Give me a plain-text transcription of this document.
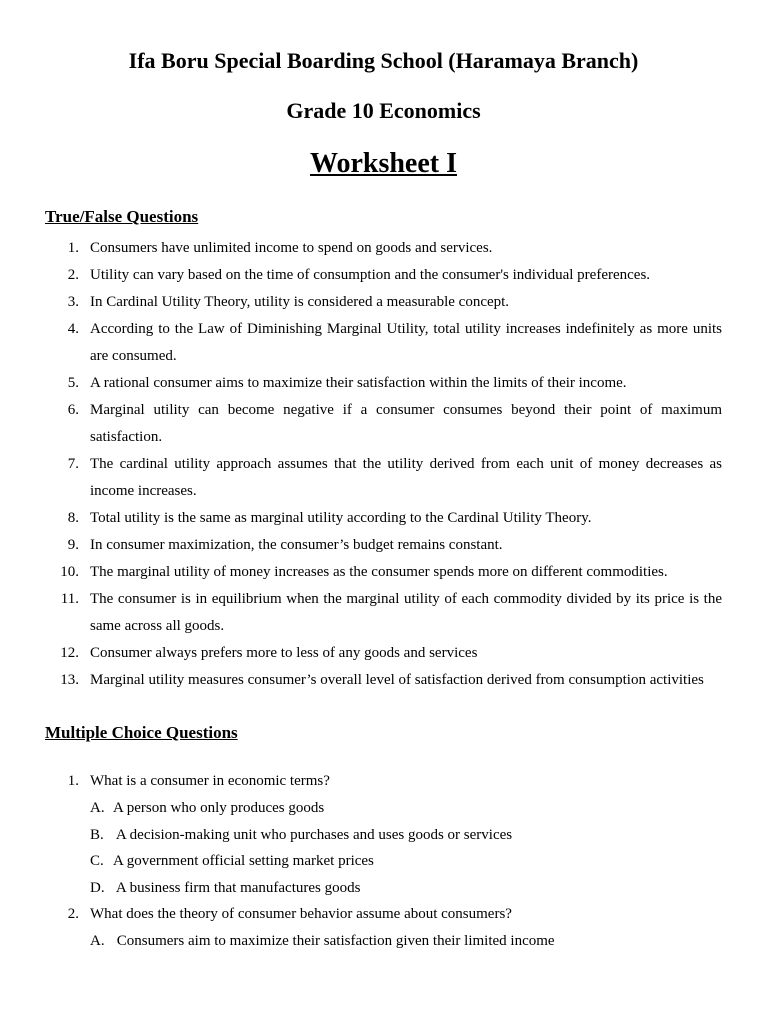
Ifa Boru Special Boarding School (Haramaya Branch)
Grade 10 Economics
Worksheet I
True/False Questions
1. Consumers have unlimited income to spend on goods and services.
2. Utility can vary based on the time of consumption and the consumer's individual preferences.
3. In Cardinal Utility Theory, utility is considered a measurable concept.
4. According to the Law of Diminishing Marginal Utility, total utility increases indefinitely as more units are consumed.
5. A rational consumer aims to maximize their satisfaction within the limits of their income.
6. Marginal utility can become negative if a consumer consumes beyond their point of maximum satisfaction.
7. The cardinal utility approach assumes that the utility derived from each unit of money decreases as income increases.
8. Total utility is the same as marginal utility according to the Cardinal Utility Theory.
9. In consumer maximization, the consumer’s budget remains constant.
10. The marginal utility of money increases as the consumer spends more on different commodities.
11. The consumer is in equilibrium when the marginal utility of each commodity divided by its price is the same across all goods.
12. Consumer always prefers more to less of any goods and services
13. Marginal utility measures consumer’s overall level of satisfaction derived from consumption activities
Multiple Choice Questions
1. What is a consumer in economic terms?
A. A person who only produces goods
B. A decision-making unit who purchases and uses goods or services
C. A government official setting market prices
D. A business firm that manufactures goods
2. What does the theory of consumer behavior assume about consumers?
A. Consumers aim to maximize their satisfaction given their limited income
